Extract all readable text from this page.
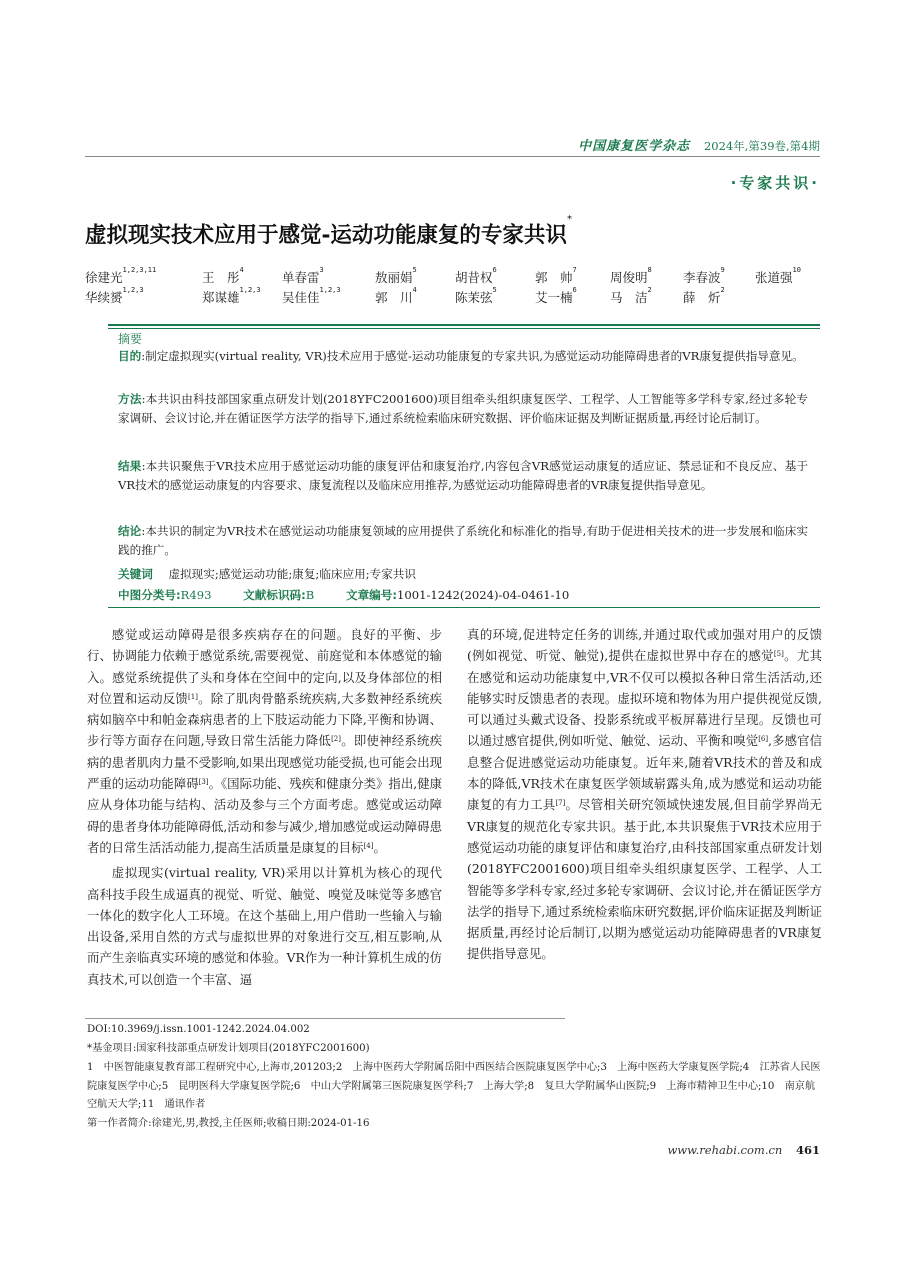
中国康复医学杂志 2024年,第39卷,第4期
·专家共识·
虚拟现实技术应用于感觉-运动功能康复的专家共识*
徐建光$^{1,2,3,11}$	王　彤$^4$	单春雷$^3$	敖丽娟$^5$	胡昔权$^6$	郭　帅$^7$	周俊明$^8$	李春波$^9$ 张道强$^{10}$
华续赟$^{1,2,3}$	郑谋雄$^{1,2,3}$ 吴佳佳$^{1,2,3}$	郭　川$^4$	陈茉弦$^5$	艾一楠$^6$	马　洁$^2$	薛　炘$^2$
摘要
目的:制定虚拟现实(virtual reality, VR)技术应用于感觉-运动功能康复的专家共识,为感觉运动功能障碍患者的VR康复提供指导意见。
方法:本共识由科技部国家重点研发计划(2018YFC2001600)项目组牵头组织康复医学、工程学、人工智能等多学科专家,经过多轮专家调研、会议讨论,并在循证医学方法学的指导下,通过系统检索临床研究数据、评价临床证据及判断证据质量,再经讨论后制订。
结果:本共识聚焦于VR技术应用于感觉运动功能的康复评估和康复治疗,内容包含VR感觉运动康复的适应证、禁忌证和不良反应、基于VR技术的感觉运动康复的内容要求、康复流程以及临床应用推荐,为感觉运动功能障碍患者的VR康复提供指导意见。
结论:本共识的制定为VR技术在感觉运动功能康复领域的应用提供了系统化和标准化的指导,有助于促进相关技术的进一步发展和临床实践的推广。
关键词 虚拟现实;感觉运动功能;康复;临床应用;专家共识
中图分类号:R493	文献标识码:B	文章编号:1001-1242(2024)-04-0461-10

感觉或运动障碍是很多疾病存在的问题。良好的平衡、步行、协调能力依赖于感觉系统,需要视觉、前庭觉和本体感觉的输入。感觉系统提供了头和身体在空间中的定向,以及身体部位的相对位置和运动反馈[1]。除了肌肉骨骼系统疾病,大多数神经系统疾病如脑卒中和帕金森病患者的上下肢运动能力下降,平衡和协调、步行等方面存在问题,导致日常生活能力降低[2]。即使神经系统疾病的患者肌肉力量不受影响,如果出现感觉功能受损,也可能会出现严重的运动功能障碍[3]。《国际功能、残疾和健康分类》指出,健康应从身体功能与结构、活动及参与三个方面考虑。感觉或运动障碍的患者身体功能障碍低,活动和参与减少,增加感觉或运动障碍患者的日常生活活动能力,提高生活质量是康复的目标[4]。

虚拟现实(virtual reality, VR)采用以计算机为核心的现代高科技手段生成逼真的视觉、听觉、触觉、嗅觉及味觉等多感官一体化的数字化人工环境。在这个基础上,用户借助一些输入与输出设备,采用自然的方式与虚拟世界的对象进行交互,相互影响,从而产生亲临真实环境的感觉和体验。VR作为一种计算机生成的仿真技术,可以创造一个丰富、逼

真的环境,促进特定任务的训练,并通过取代或加强对用户的反馈(例如视觉、听觉、触觉),提供在虚拟世界中存在的感觉[5]。尤其在感觉和运动功能康复中,VR不仅可以模拟各种日常生活活动,还能够实时反馈患者的表现。虚拟环境和物体为用户提供视觉反馈,可以通过头戴式设备、投影系统或平板屏幕进行呈现。反馈也可以通过感官提供,例如听觉、触觉、运动、平衡和嗅觉[6],多感官信息整合促进感觉运动功能康复。近年来,随着VR技术的普及和成本的降低,VR技术在康复医学领域崭露头角,成为感觉和运动功能康复的有力工具[7]。尽管相关研究领域快速发展,但目前学界尚无VR康复的规范化专家共识。基于此,本共识聚焦于VR技术应用于感觉运动功能的康复评估和康复治疗,由科技部国家重点研发计划(2018YFC2001600)项目组牵头组织康复医学、工程学、人工智能等多学科专家,经过多轮专家调研、会议讨论,并在循证医学方法学的指导下,通过系统检索临床研究数据,评价临床证据及判断证据质量,再经讨论后制订,以期为感觉运动功能障碍患者的VR康复提供指导意见。

DOI:10.3969/j.issn.1001-1242.2024.04.002
*基金项目:国家科技部重点研发计划项目(2018YFC2001600)
1　中医智能康复教育部工程研究中心,上海市,201203;2　上海中医药大学附属岳阳中西医结合医院康复医学中心;3　上海中医药大学康复医学院;4　江苏省人民医院康复医学中心;5　昆明医科大学康复医学院;6　中山大学附属第三医院康复医学科;7　上海大学;8　复旦大学附属华山医院;9　上海市精神卫生中心;10　南京航空航天大学;11　通讯作者
第一作者简介:徐建光,男,教授,主任医师;收稿日期:2024-01-16
www.rehabi.com.cn 461
